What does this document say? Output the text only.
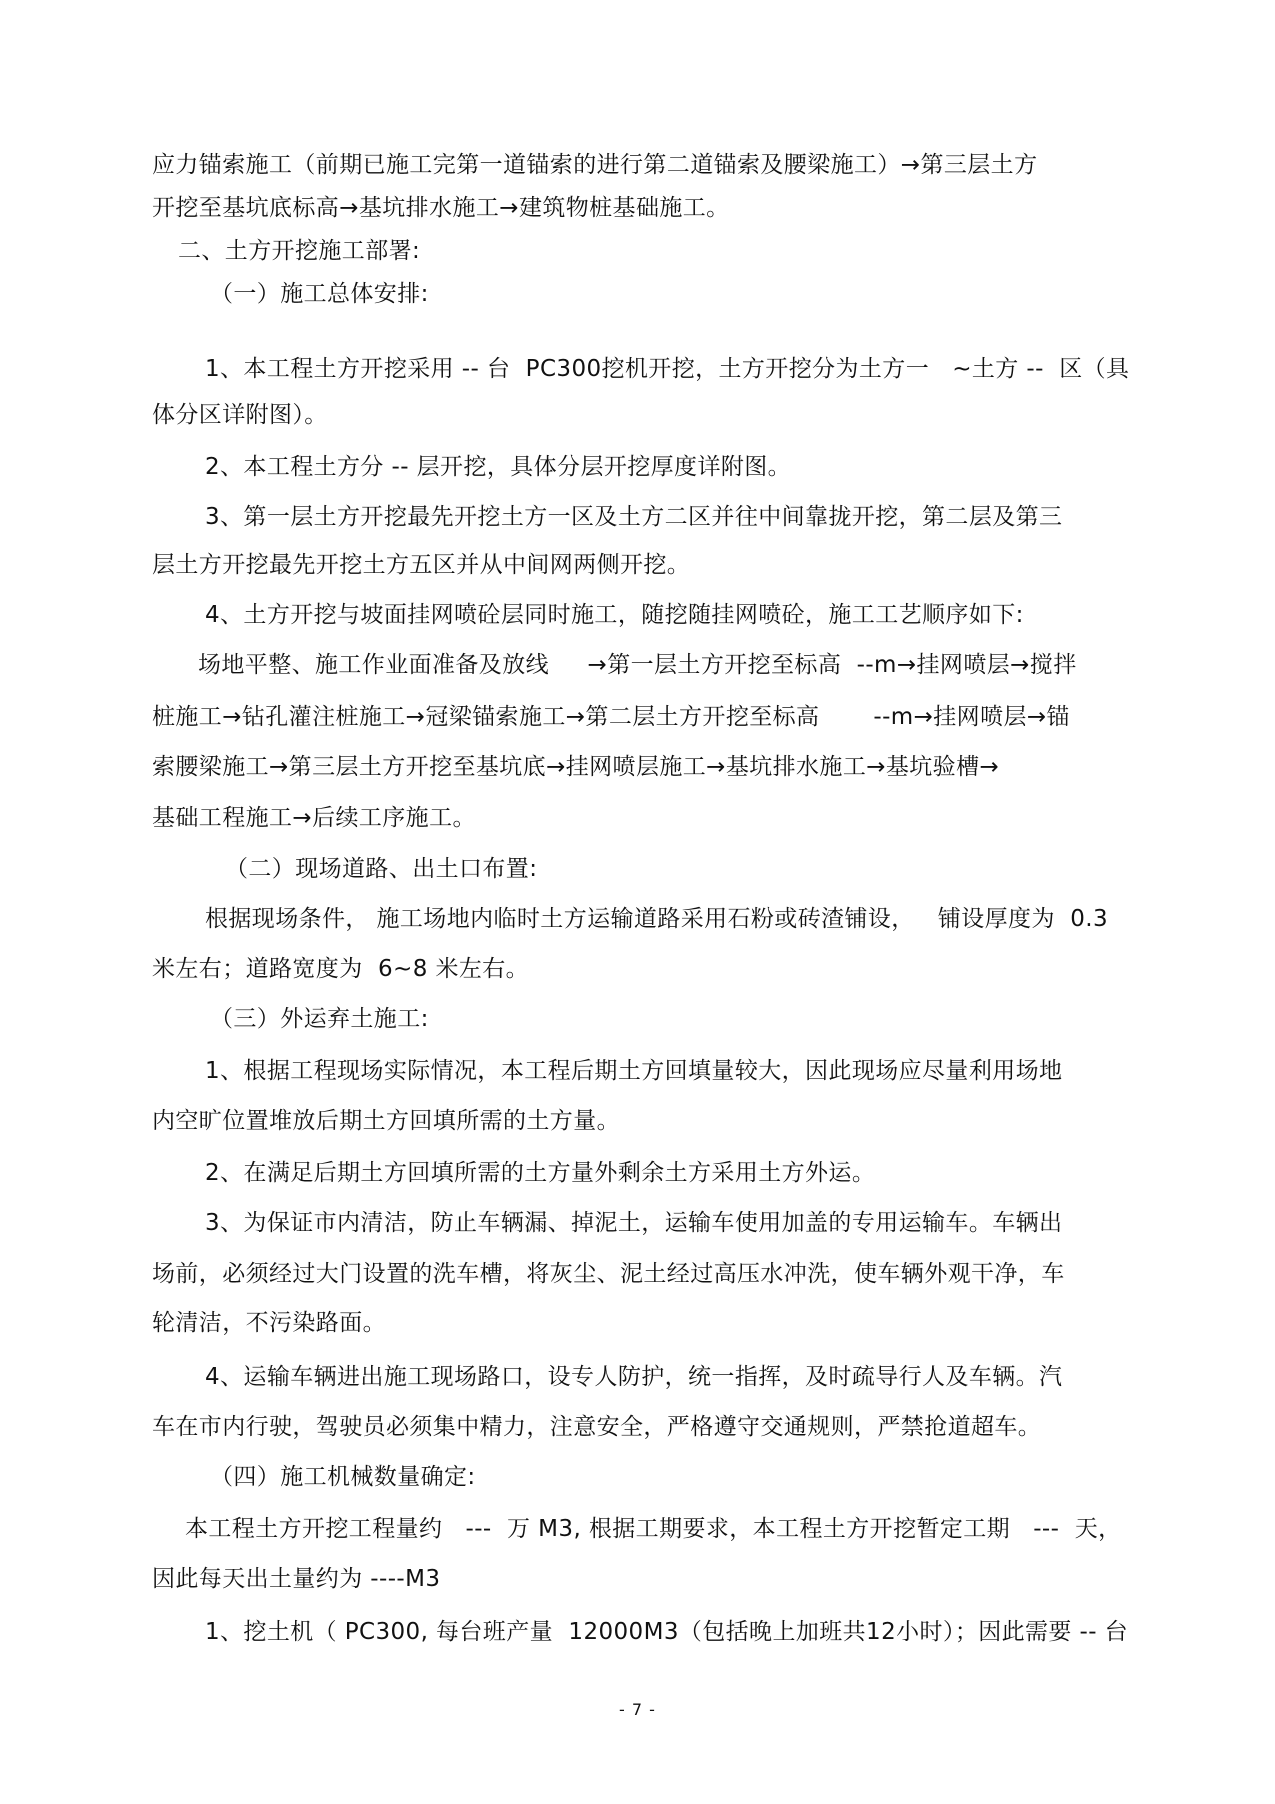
应力锚索施工（前期已施工完第一道锚索的进行第二道锚索及腰梁施工）→第三层土方
开挖至基坑底标高→基坑排水施工→建筑物桩基础施工。
二、土方开挖施工部署:
（一）施工总体安排:
1、本工程土方开挖采用 -- 台  PC300挖机开挖，土方开挖分为土方一   ~土方 --  区（具
体分区详附图）。
2、本工程土方分 -- 层开挖，具体分层开挖厚度详附图。
3、第一层土方开挖最先开挖土方一区及土方二区并往中间靠拢开挖，第二层及第三
层土方开挖最先开挖土方五区并从中间网两侧开挖。
4、土方开挖与坡面挂网喷砼层同时施工，随挖随挂网喷砼，施工工艺顺序如下:
场地平整、施工作业面准备及放线     →第一层土方开挖至标高  --m→挂网喷层→搅拌
桩施工→钻孔灌注桩施工→冠梁锚索施工→第二层土方开挖至标高       --m→挂网喷层→锚
索腰梁施工→第三层土方开挖至基坑底→挂网喷层施工→基坑排水施工→基坑验槽→
基础工程施工→后续工序施工。
（二）现场道路、出土口布置:
根据现场条件， 施工场地内临时土方运输道路采用石粉或砖渣铺设，   铺设厚度为  0.3
米左右；道路宽度为  6~8 米左右。
（三）外运弃土施工:
1、根据工程现场实际情况，本工程后期土方回填量较大，因此现场应尽量利用场地
内空旷位置堆放后期土方回填所需的土方量。
2、在满足后期土方回填所需的土方量外剩余土方采用土方外运。
3、为保证市内清洁，防止车辆漏、掉泥土，运输车使用加盖的专用运输车。车辆出
场前，必须经过大门设置的洗车槽，将灰尘、泥土经过高压水冲洗，使车辆外观干净，车
轮清洁，不污染路面。
4、运输车辆进出施工现场路口，设专人防护，统一指挥，及时疏导行人及车辆。汽
车在市内行驶，驾驶员必须集中精力，注意安全，严格遵守交通规则，严禁抢道超车。
（四）施工机械数量确定:
本工程土方开挖工程量约   ---  万 M3, 根据工期要求，本工程土方开挖暂定工期   ---  天，
因此每天出土量约为 ----M3
1、挖土机（ PC300, 每台班产量  12000M3（包括晚上加班共12小时）；因此需要 -- 台
- 7 -
